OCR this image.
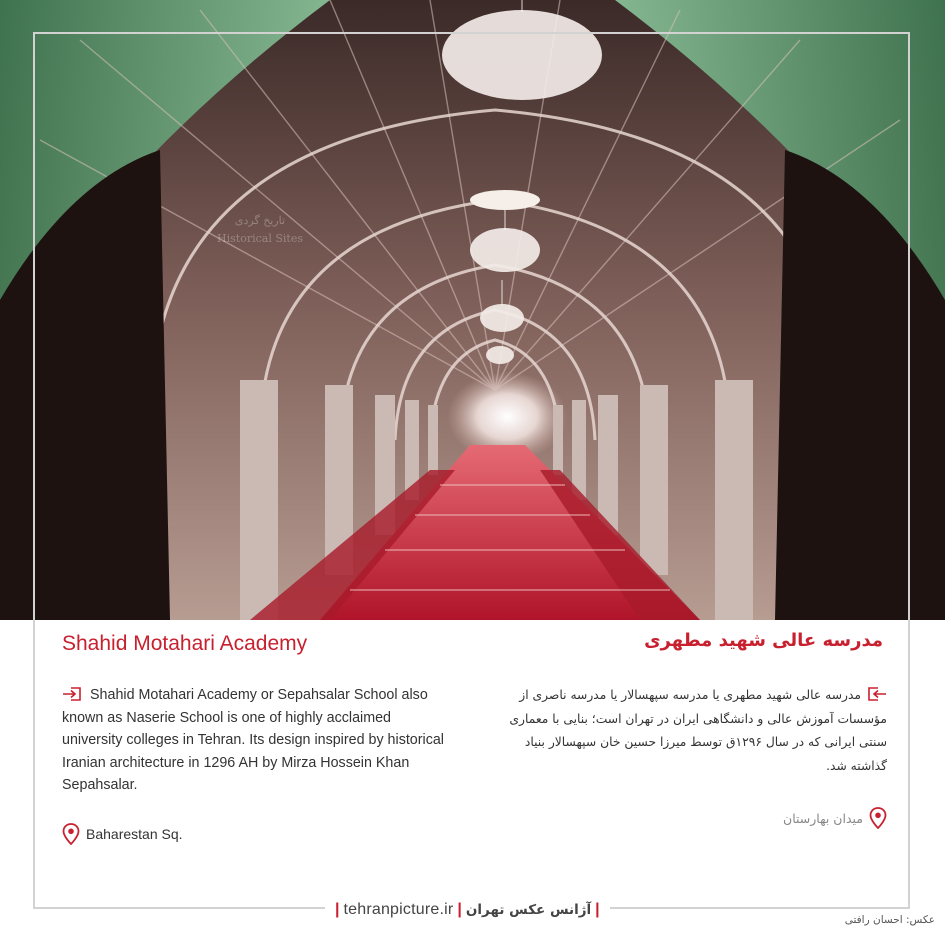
تاریخ گردی
Historical Sites
Shahid Motahari Academy	مدرسه عالی شهید مطهری
Shahid Motahari Academy or Sepahsalar School also known as Naserie School is one of highly acclaimed university colleges in Tehran. Its design inspired by historical Iranian architecture in 1296 AH by Mirza Hossein Khan Sepahsalar.
مدرسه عالی شهید مطهری یا مدرسه سپهسالار یا مدرسه ناصری از مؤسسات آموزش عالی و دانشگاهی ایران در تهران است؛ بنایی با معماری سنتی ایرانی که در سال ۱۲۹۶ق توسط میرزا حسین خان سپهسالار بنیاد گذاشته شد.
Baharestan Sq.
میدان بهارستان
| tehranpicture.ir | آژانس عکس تهران |
عکس: احسان رافتی
